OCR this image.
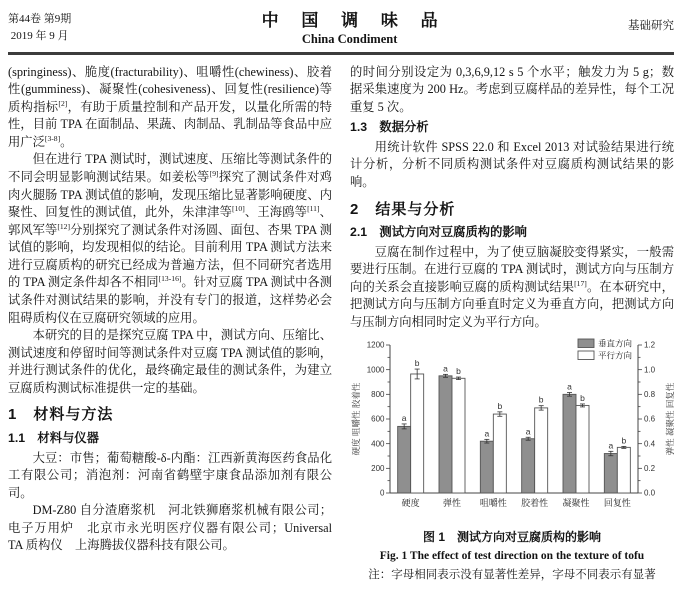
第44卷 第9期
2019 年 9 月
中 国 调 味 品
China Condiment
基础研究

(springiness)、脆度(fracturability)、咀嚼性(chewiness)、胶着性(gumminess)、凝聚性(cohesiveness)、回复性(resilience)等质构指标[2]，有助于质量控制和产品开发，以量化所需的特性，目前 TPA 在面制品、果蔬、肉制品、乳制品等食品中应用广泛[3-8]。

但在进行 TPA 测试时，测试速度、压缩比等测试条件的不同会明显影响测试结果。如姜松等[9]探究了测试条件对鸡肉火腿肠 TPA 测试值的影响，发现压缩比显著影响硬度、内聚性、回复性的测试值，此外，朱津津等[10]、王海鸥等[11]、郭风军等[12]分别探究了测试条件对汤圆、面包、杏果 TPA 测试值的影响，均发现相似的结论。目前利用 TPA 测试方法来进行豆腐质构的研究已经成为普遍方法，但不同研究者选用的 TPA 测定条件却各不相同[13-16]。针对豆腐 TPA 测试中各测试条件对测试结果的影响，并没有专门的报道，这样势必会阻碍质构仪在豆腐研究领域的应用。

本研究的目的是探究豆腐 TPA 中，测试方向、压缩比、测试速度和停留时间等测试条件对豆腐 TPA 测试值的影响，并进行测试条件的优化，最终确定最佳的测试条件，为建立豆腐质构测试标准提供一定的基础。

1　材料与方法
1.1　材料与仪器

大豆：市售；葡萄糖酸-δ-内酯：江西新黄海医药食品化工有限公司；消泡剂：河南省鹤壁宇康食品添加剂有限公司。

DM-Z80 自分渣磨浆机　河北铁狮磨浆机械有限公司；电子万用炉　北京市永光明医疗仪器有限公司；Universal TA 质构仪　上海腾拔仪器科技有限公司。

的时间分别设定为 0,3,6,9,12 s 5 个水平；触发力为 5 g；数据采集速度为 200 Hz。考虑到豆腐样品的差异性，每个工况重复 5 次。

1.3　数据分析

用统计软件 SPSS 22.0 和 Excel 2013 对试验结果进行统计分析，分析不同质构测试条件对豆腐质构测试结果的影响。

2　结果与分析
2.1　测试方向对豆腐质构的影响

豆腐在制作过程中，为了使豆脑凝胶变得紧实，一般需要进行压制。在进行豆腐的 TPA 测试时，测试方向与压制方向的关系会直接影响豆腐的质构测试结果[17]。在本研究中，把测试方向与压制方向垂直时定义为垂直方向，把测试方向与压制方向相同时定义为平行方向。

0
200
400
600
800
1000
1200
0.0
0.2
0.4
0.6
0.8
1.0
1.2
硬度 咀嚼性 胶着性	弹性 凝聚性 回复性
硬度
a
b
弹性
a b
咀嚼性
a
b
胶着性
a
b
凝聚性
a
b
回复性
a b
垂直方向
平行方向
图 1　测试方向对豆腐质构的影响
Fig. 1 The effect of test direction on the texture of tofu
注：字母相同表示没有显著性差异，字母不同表示有显著
